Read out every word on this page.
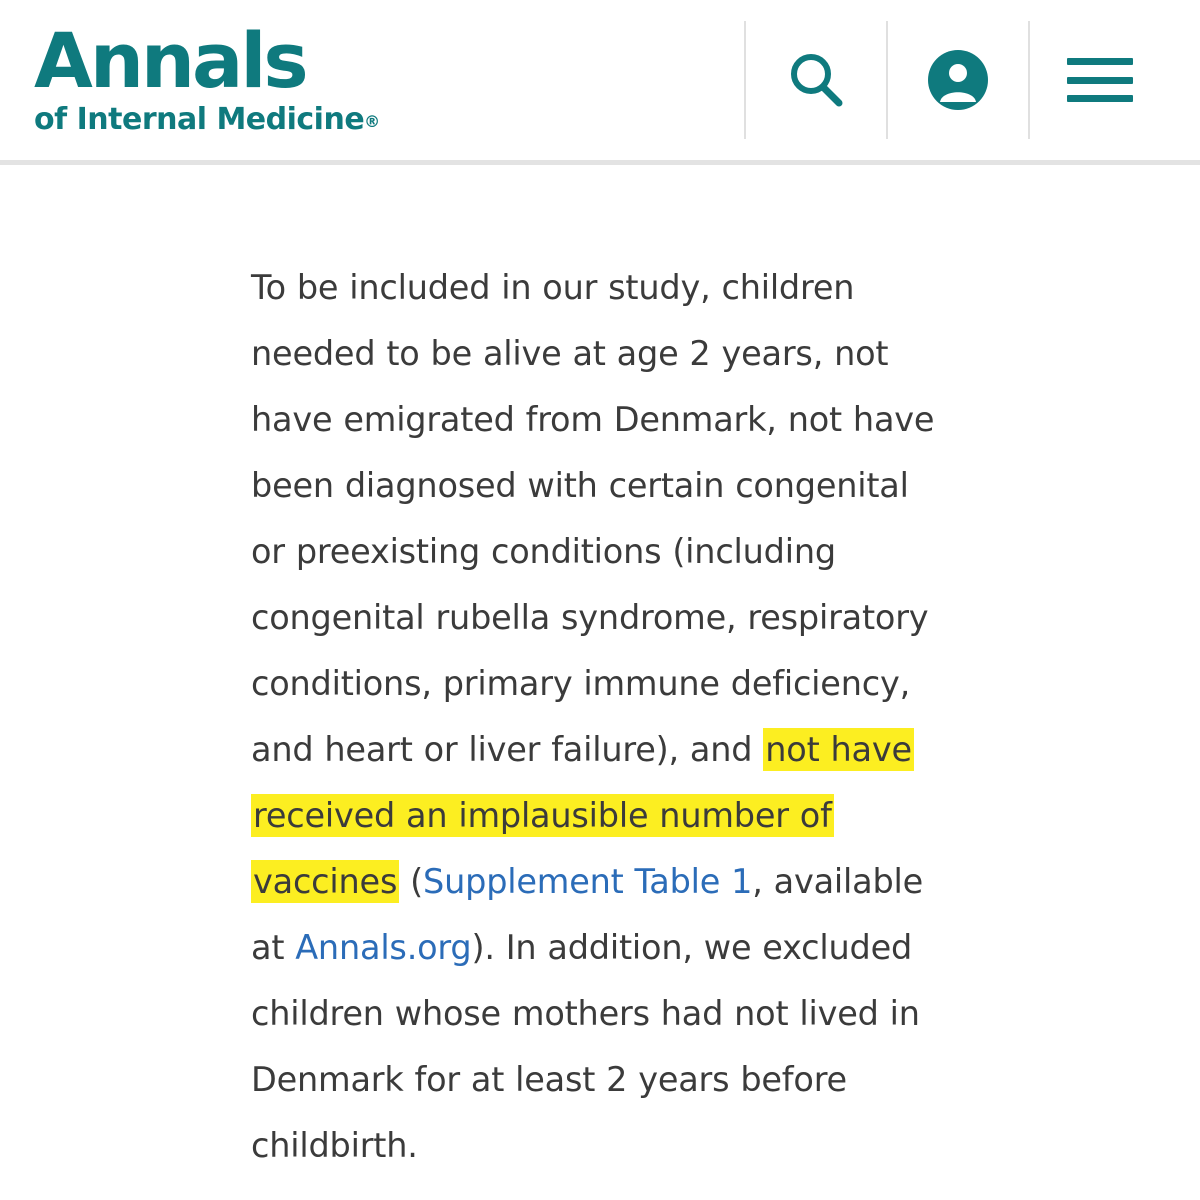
Annals
of Internal Medicine®

To be included in our study, children needed to be alive at age 2 years, not have emigrated from Denmark, not have been diagnosed with certain congenital or preexisting conditions (including congenital rubella syndrome, respiratory conditions, primary immune deficiency, and heart or liver failure), and not have received an implausible number of vaccines (Supplement Table 1, available at Annals.org). In addition, we excluded children whose mothers had not lived in Denmark for at least 2 years before childbirth.
